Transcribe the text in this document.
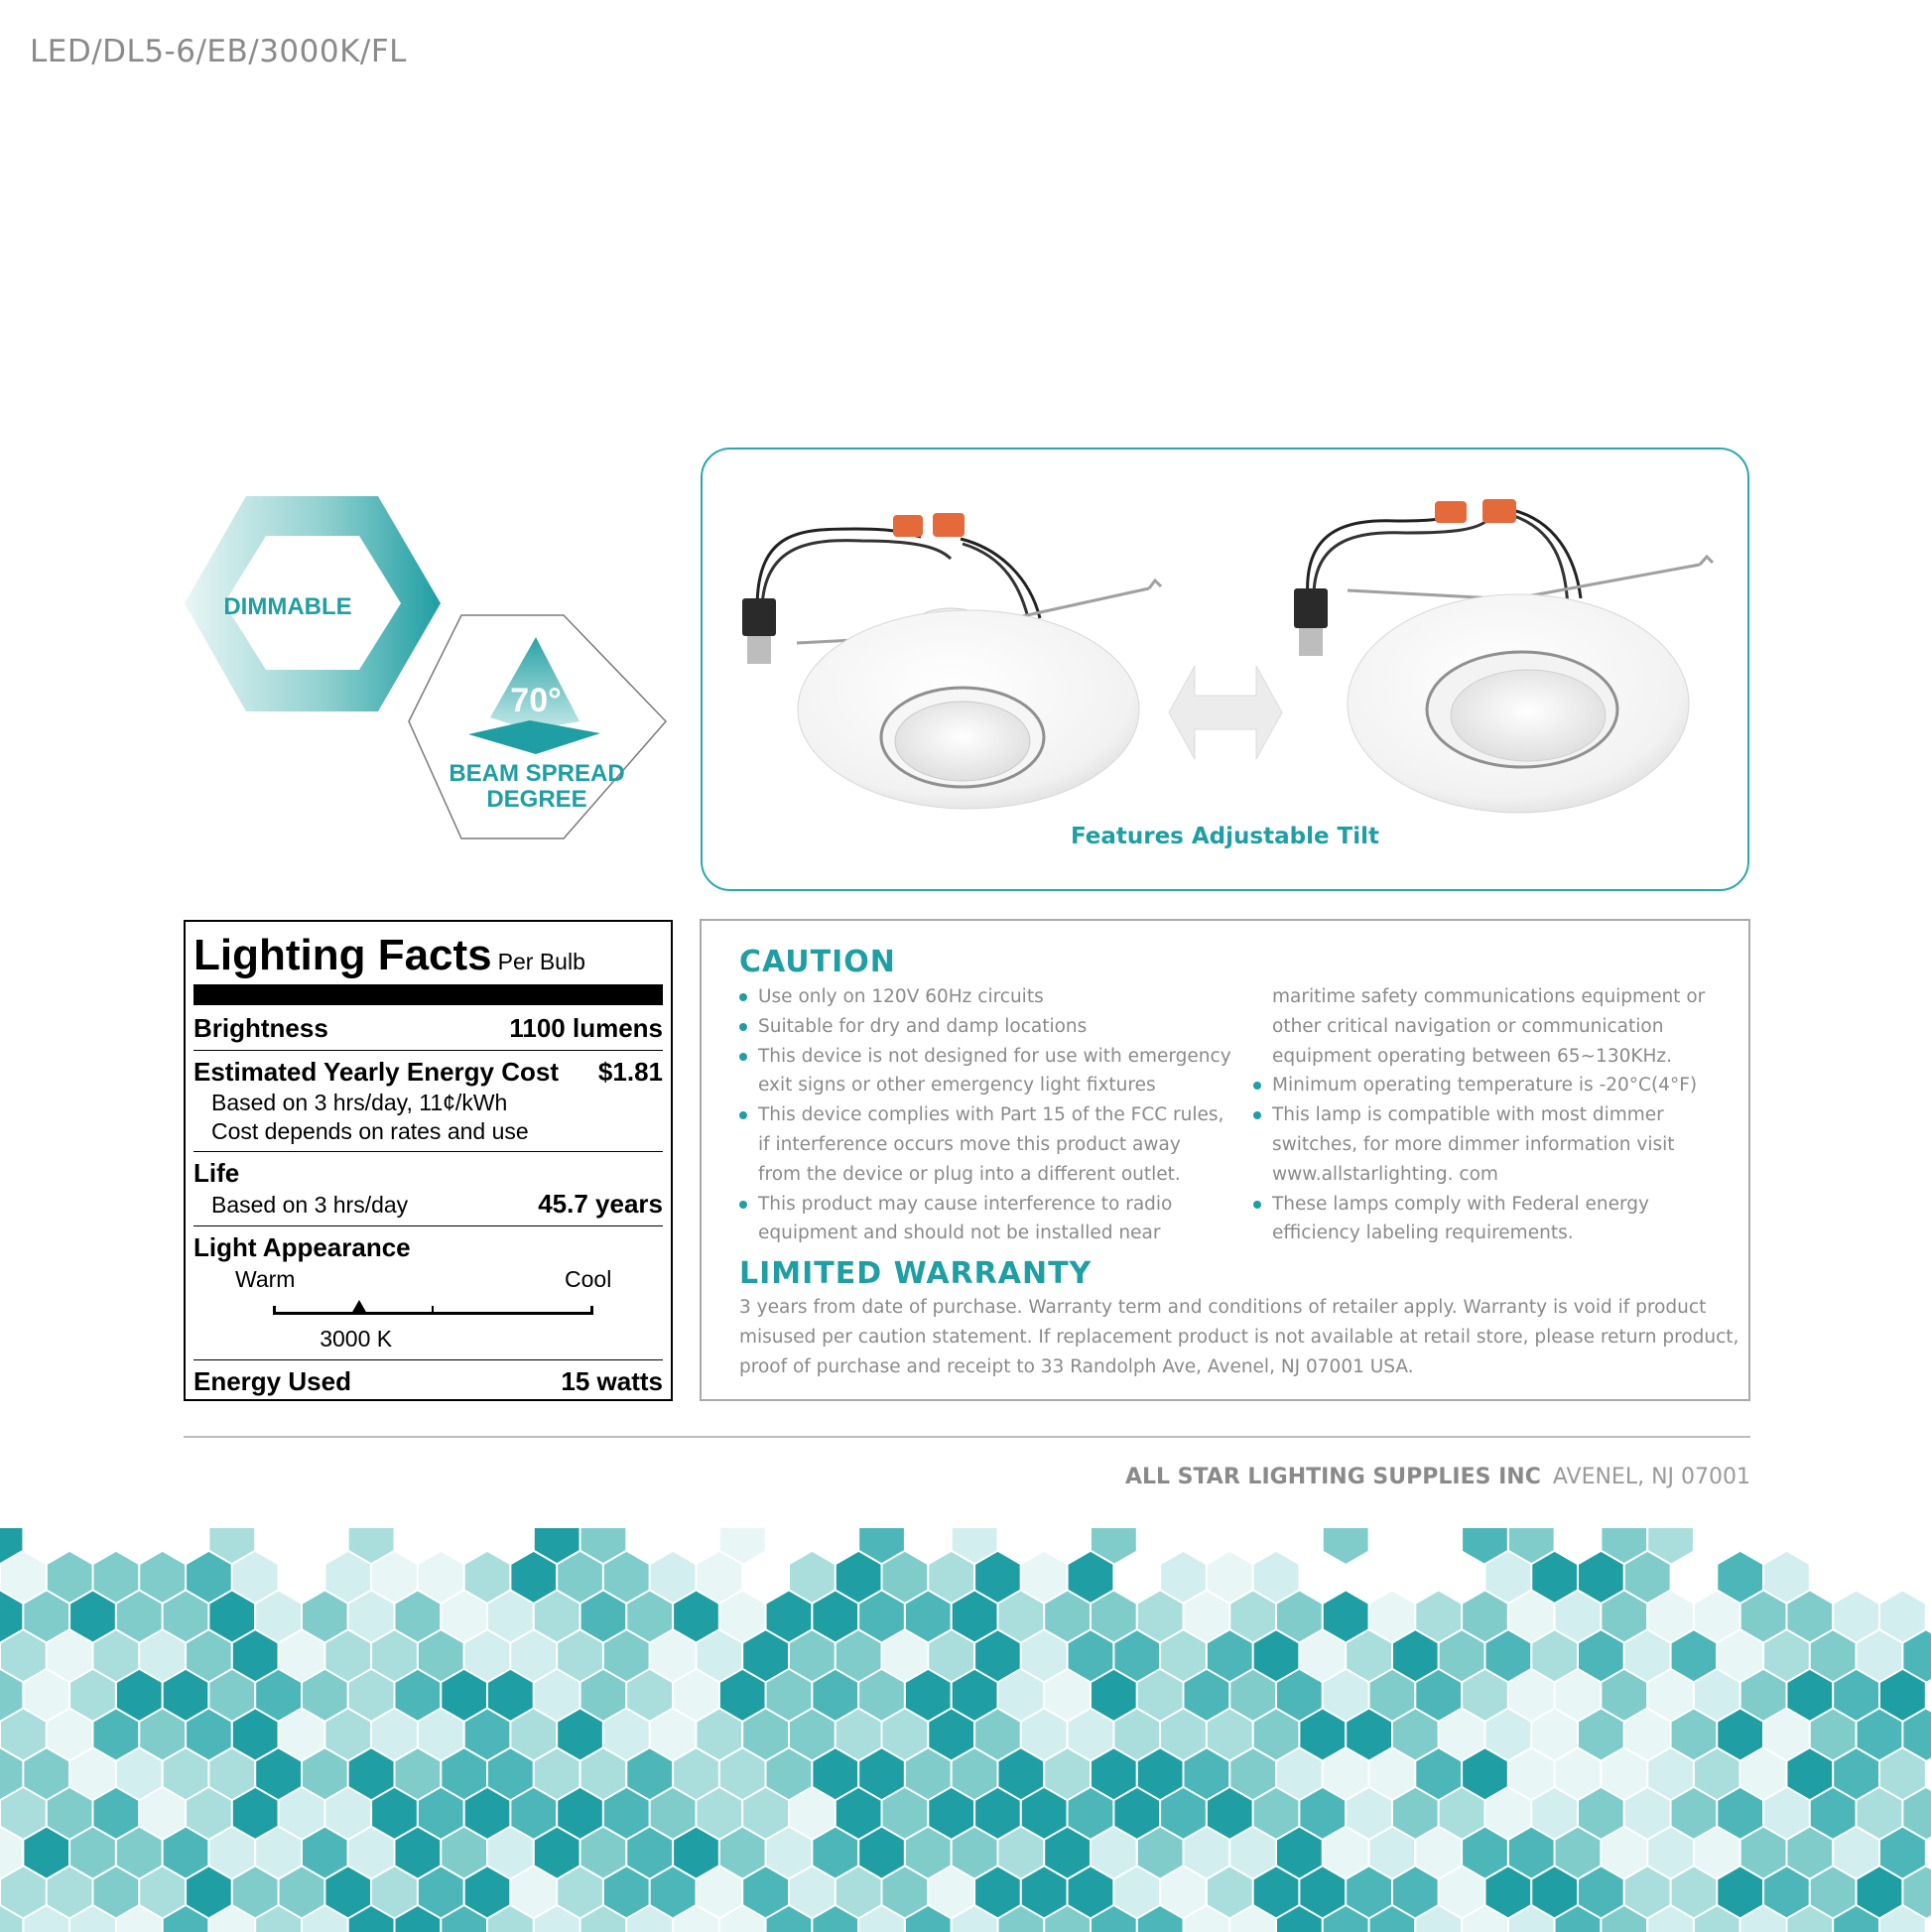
LED/DL5-6/EB/3000K/FL
DIMMABLE
70°
BEAM SPREAD
DEGREE
Features Adjustable Tilt
Lighting Facts Per Bulb
Brightness	1100 lumens
Estimated Yearly Energy Cost $1.81
Based on 3 hrs/day, 11¢/kWh
Cost depends on rates and use
Life
Based on 3 hrs/day	45.7 years
Light Appearance
Warm	Cool
3000 K
Energy Used	15 watts
CAUTION
Use only on 120V 60Hz circuits
Suitable for dry and damp locations
This device is not designed for use with emergency
exit signs or other emergency light fixtures
This device complies with Part 15 of the FCC rules,
if interference occurs move this product away
from the device or plug into a different outlet.
This product may cause interference to radio
equipment and should not be installed near
maritime safety communications equipment or
other critical navigation or communication
equipment operating between 65~130KHz.
Minimum operating temperature is -20°C(4°F)
This lamp is compatible with most dimmer
switches, for more dimmer information visit
www.allstarlighting. com
These lamps comply with Federal energy
efficiency labeling requirements.
LIMITED WARRANTY
3 years from date of purchase. Warranty term and conditions of retailer apply. Warranty is void if product
misused per caution statement. If replacement product is not available at retail store, please return product,
proof of purchase and receipt to 33 Randolph Ave, Avenel, NJ 07001 USA.
ALL STAR LIGHTING SUPPLIES INC AVENEL, NJ 07001
